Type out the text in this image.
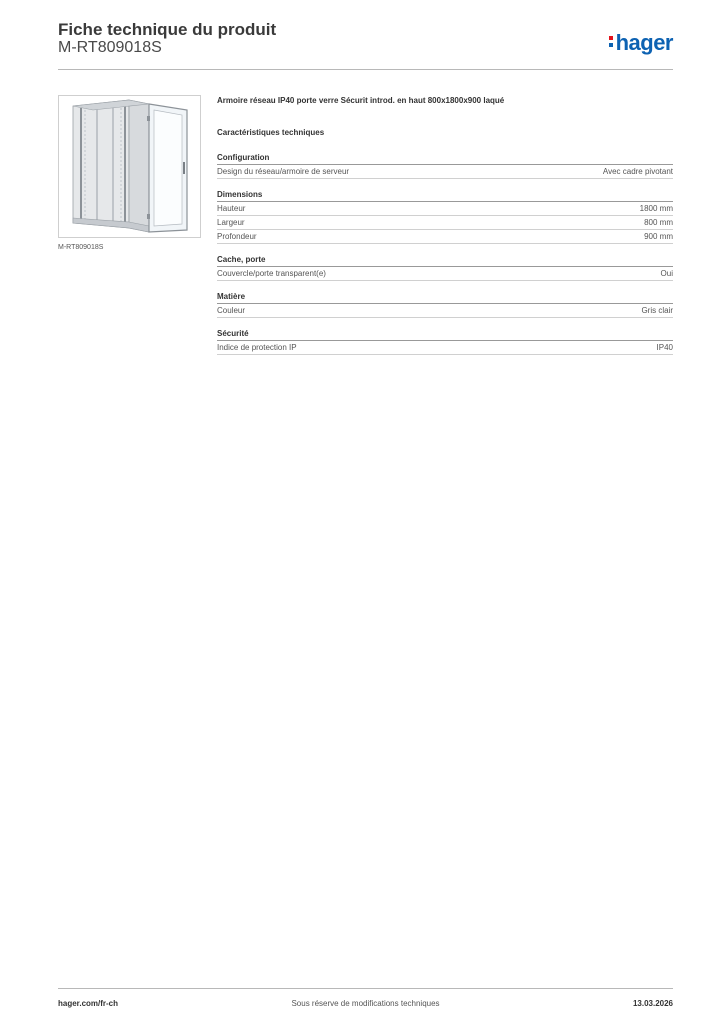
Fiche technique du produit
M-RT809018S	hager
M-RT809018S
Armoire réseau IP40 porte verre Sécurit introd. en haut 800x1800x900 laqué
Caractéristiques techniques
Configuration
Design du réseau/armoire de serveur	Avec cadre pivotant
Dimensions
Hauteur	1800 mm
Largeur	800 mm
Profondeur	900 mm
Cache, porte
Couvercle/porte transparent(e)	Oui
Matière
Couleur	Gris clair
Sécurité
Indice de protection IP	IP40
hager.com/fr-ch	Sous réserve de modifications techniques	13.03.2026
